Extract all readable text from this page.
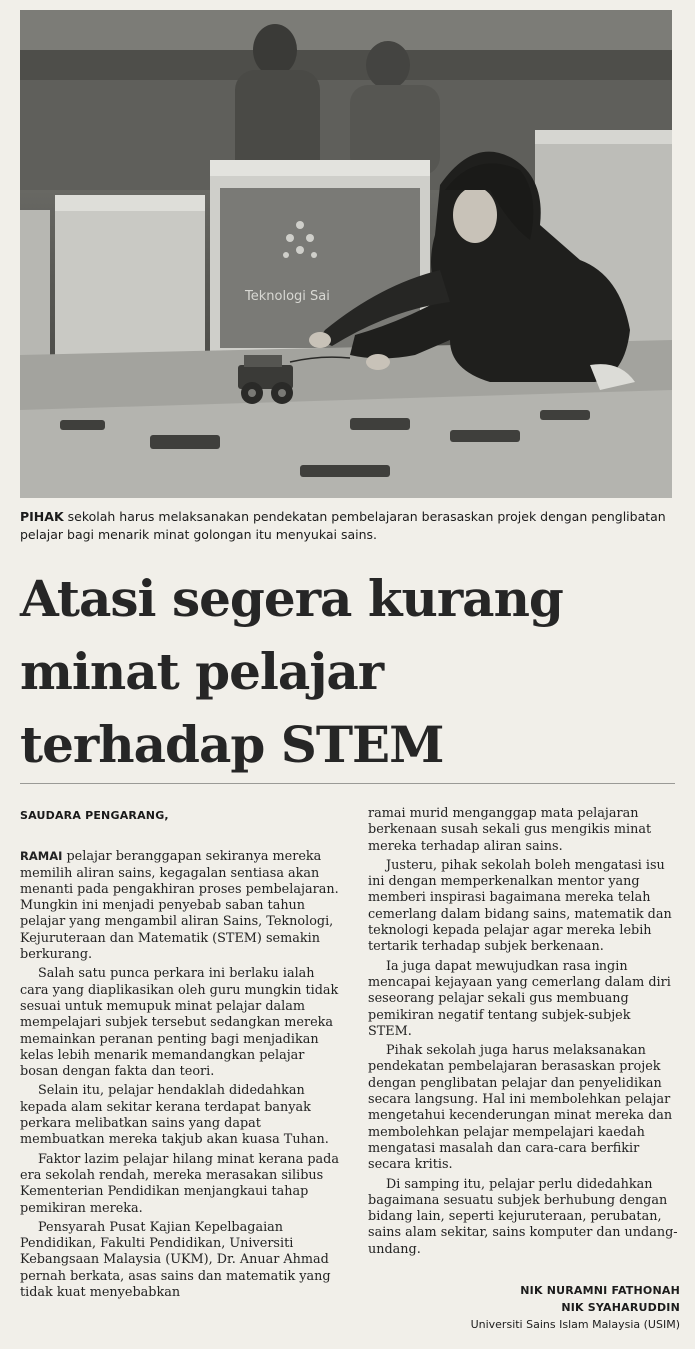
Teknologi Sai
PIHAK sekolah harus melaksanakan pendekatan pembelajaran berasaskan projek dengan penglibatan pelajar bagi menarik minat golongan itu menyukai sains.
Atasi segera kurang
minat pelajar
terhadap STEM
SAUDARA PENGARANG,

RAMAI pelajar beranggapan sekiranya mereka memilih aliran sains, kegagalan sentiasa akan menanti pada pengakhiran proses pembelajaran. Mungkin ini menjadi penyebab saban tahun pelajar yang mengambil aliran Sains, Teknologi, Kejuruteraan dan Matematik (STEM) semakin berkurang.

Salah satu punca perkara ini berlaku ialah cara yang diaplikasikan oleh guru mungkin tidak sesuai untuk memupuk minat pelajar dalam mempelajari subjek tersebut sedangkan mereka memainkan peranan penting bagi menjadikan kelas lebih menarik memandangkan pelajar bosan dengan fakta dan teori.

Selain itu, pelajar hendaklah didedahkan kepada alam sekitar kerana terdapat banyak perkara melibatkan sains yang dapat membuatkan mereka takjub akan kuasa Tuhan.

Faktor lazim pelajar hilang minat kerana pada era sekolah rendah, mereka merasakan silibus Kementerian Pendidikan menjangkaui tahap pemikiran mereka.

Pensyarah Pusat Kajian Kepelbagaian Pendidikan, Fakulti Pendidikan, Universiti Kebangsaan Malaysia (UKM), Dr. Anuar Ahmad pernah berkata, asas sains dan matematik yang tidak kuat menyebabkan

ramai murid menganggap mata pelajaran berkenaan susah sekali gus mengikis minat mereka terhadap aliran sains.

Justeru, pihak sekolah boleh mengatasi isu ini dengan memperkenalkan mentor yang memberi inspirasi bagaimana mereka telah cemerlang dalam bidang sains, matematik dan teknologi kepada pelajar agar mereka lebih tertarik terhadap subjek berkenaan.

Ia juga dapat mewujudkan rasa ingin mencapai kejayaan yang cemerlang dalam diri seseorang pelajar sekali gus membuang pemikiran negatif tentang subjek-subjek STEM.

Pihak sekolah juga harus melaksanakan pendekatan pembelajaran berasaskan projek dengan penglibatan pelajar dan penyelidikan secara langsung. Hal ini membolehkan pelajar mengetahui kecenderungan minat mereka dan membolehkan pelajar mempelajari kaedah mengatasi masalah dan cara-cara berfikir secara kritis.

Di samping itu, pelajar perlu didedahkan bagaimana sesuatu subjek berhubung dengan bidang lain, seperti kejuruteraan, perubatan, sains alam sekitar, sains komputer dan undang-undang.

NIK NURAMNI FATHONAH
NIK SYAHARUDDIN
Universiti Sains Islam Malaysia (USIM)
